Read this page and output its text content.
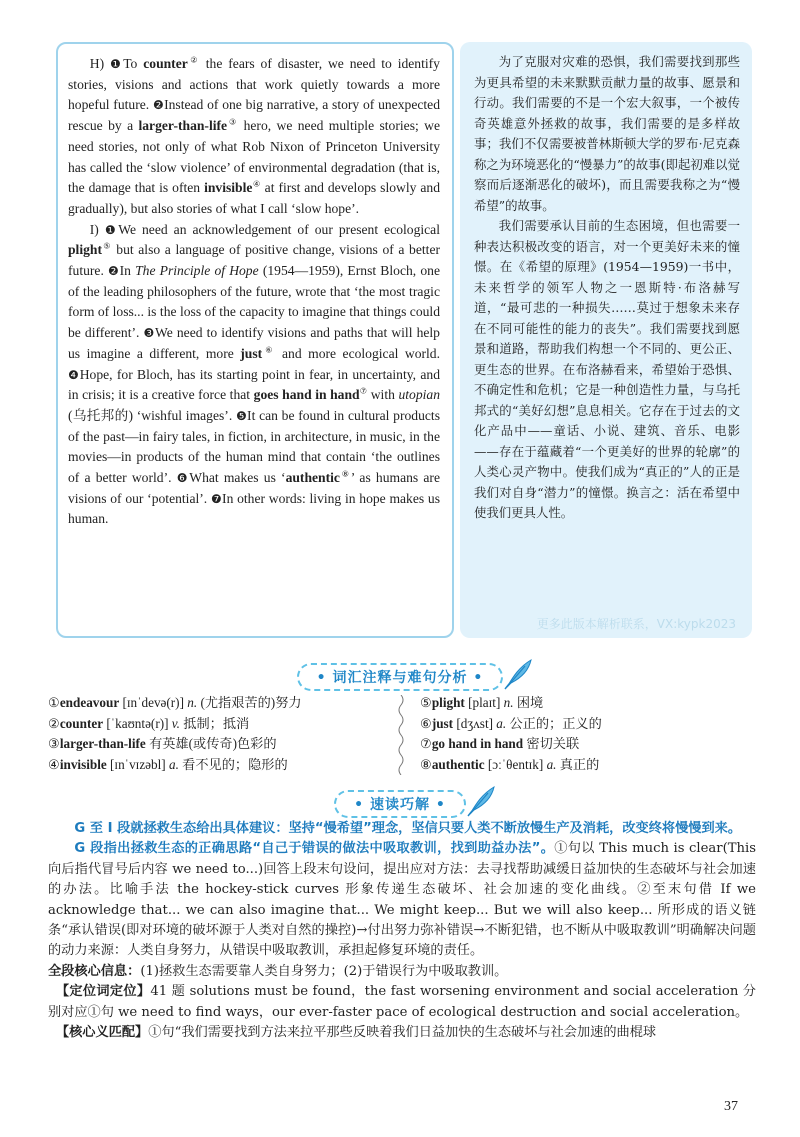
H) ❶To counter② the fears of disaster, we need to identify stories, visions and actions that work quietly towards a more hopeful future. ❷Instead of one big narrative, a story of unexpected rescue by a larger-than-life③ hero, we need multiple stories; we need stories, not only of what Rob Nixon of Princeton University has called the ‘slow violence’ of environmental degradation (that is, the damage that is often invisible④ at first and develops slowly and gradually), but also stories of what I call ‘slow hope’.

I) ❶We need an acknowledgement of our present ecological plight⑤ but also a language of positive change, visions of a better future. ❷In The Principle of Hope (1954—1959), Ernst Bloch, one of the leading philosophers of the future, wrote that ‘the most tragic form of loss... is the loss of the capacity to imagine that things could be different’. ❸We need to identify visions and paths that will help us imagine a different, more just⑥ and more ecological world. ❹Hope, for Bloch, has its starting point in fear, in uncertainty, and in crisis; it is a creative force that goes hand in hand⑦ with utopian (乌托邦的) ‘wishful images’. ❺It can be found in cultural products of the past—in fairy tales, in fiction, in architecture, in music, in the movies—in products of the human mind that contain ‘the outlines of a better world’. ❻What makes us ‘authentic⑧’ as humans are visions of our ‘potential’. ❼In other words: living in hope makes us human.

为了克服对灾难的恐惧，我们需要找到那些为更具希望的未来默默贡献力量的故事、愿景和行动。我们需要的不是一个宏大叙事，一个被传奇英雄意外拯救的故事，我们需要的是多样故事；我们不仅需要被普林斯顿大学的罗布·尼克森称之为环境恶化的“慢暴力”的故事(即起初难以觉察而后逐渐恶化的破坏)，而且需要我称之为“慢希望”的故事。

我们需要承认目前的生态困境，但也需要一种表达积极改变的语言，对一个更美好未来的憧憬。在《希望的原理》(1954—1959)一书中，未来哲学的领军人物之一恩斯特·布洛赫写道，“最可悲的一种损失……莫过于想象未来存在不同可能性的能力的丧失”。我们需要找到愿景和道路，帮助我们构想一个不同的、更公正、更生态的世界。在布洛赫看来，希望始于恐惧、不确定性和危机；它是一种创造性力量，与乌托邦式的“美好幻想”息息相关。它存在于过去的文化产品中——童话、小说、建筑、音乐、电影——存在于蕴藏着“一个更美好的世界的轮廓”的人类心灵产物中。使我们成为“真正的”人的正是我们对自身“潜力”的憧憬。换言之：活在希望中使我们更具人性。

更多此版本解析联系，VX:kypk2023
• 词汇注释与难句分析 •
①endeavour [ɪnˈdevə(r)] n. (尤指艰苦的)努力
②counter [ˈkaʊntə(r)] v. 抵制；抵消
③larger-than-life 有英雄(或传奇)色彩的
④invisible [ɪnˈvɪzəbl] a. 看不见的；隐形的
⑤plight [plaɪt] n. 困境
⑥just [dʒʌst] a. 公正的；正义的
⑦go hand in hand 密切关联
⑧authentic [ɔːˈθentɪk] a. 真正的
• 速读巧解 •

G 至 I 段就拯救生态给出具体建议：坚持“慢希望”理念，坚信只要人类不断放慢生产及消耗，改变终将慢慢到来。

G 段指出拯救生态的正确思路“自己于错误的做法中吸取教训，找到助益办法”。①句以 This much is clear(This 向后指代冒号后内容 we need to...)回答上段末句设问，提出应对方法：去寻找帮助减缓日益加快的生态破坏与社会加速的办法。比喻手法 the hockey-stick curves 形象传递生态破坏、社会加速的变化曲线。②至末句借 If we acknowledge that... we can also imagine that... We might keep... But we will also keep... 所形成的语义链条“承认错误(即对环境的破坏源于人类对自然的操控)→付出努力弥补错误→不断犯错，也不断从中吸取教训”明确解决问题的动力来源：人类自身努力，从错误中吸取教训，承担起修复环境的责任。

全段核心信息：(1)拯救生态需要靠人类自身努力；(2)于错误行为中吸取教训。

【定位词定位】41 题 solutions must be found，the fast worsening environment and social acceleration 分别对应①句 we need to find ways，our ever-faster pace of ecological destruction and social acceleration。

【核心义匹配】①句“我们需要找到方法来拉平那些反映着我们日益加快的生态破坏与社会加速的曲棍球

37
